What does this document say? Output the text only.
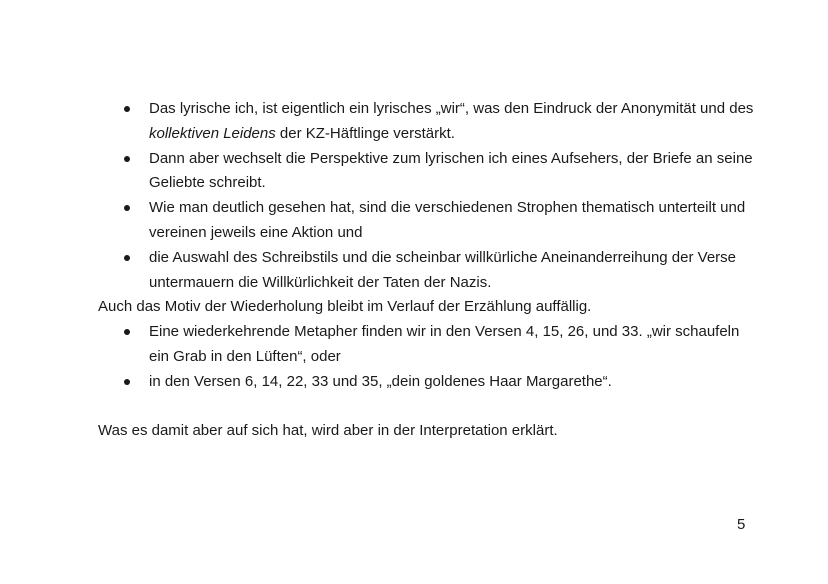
Das lyrische ich, ist eigentlich ein lyrisches „wir“, was den Eindruck der Anonymität und des kollektiven Leidens der KZ-Häftlinge verstärkt.
Dann aber wechselt die Perspektive zum lyrischen ich eines Aufsehers, der Briefe an seine Geliebte schreibt.
Wie man deutlich gesehen hat, sind die verschiedenen Strophen thematisch unterteilt und vereinen jeweils eine Aktion und
die Auswahl des Schreibstils und die scheinbar willkürliche Aneinanderreihung der Verse untermauern die Willkürlichkeit der Taten der Nazis.

Auch das Motiv der Wiederholung bleibt im Verlauf der Erzählung auffällig.

Eine wiederkehrende Metapher finden wir in den Versen 4, 15, 26, und 33. „wir schaufeln ein Grab in den Lüften“, oder
in den Versen 6, 14, 22, 33 und 35, „dein goldenes Haar Margarethe“.

Was es damit aber auf sich hat, wird aber in der Interpretation erklärt.

5
